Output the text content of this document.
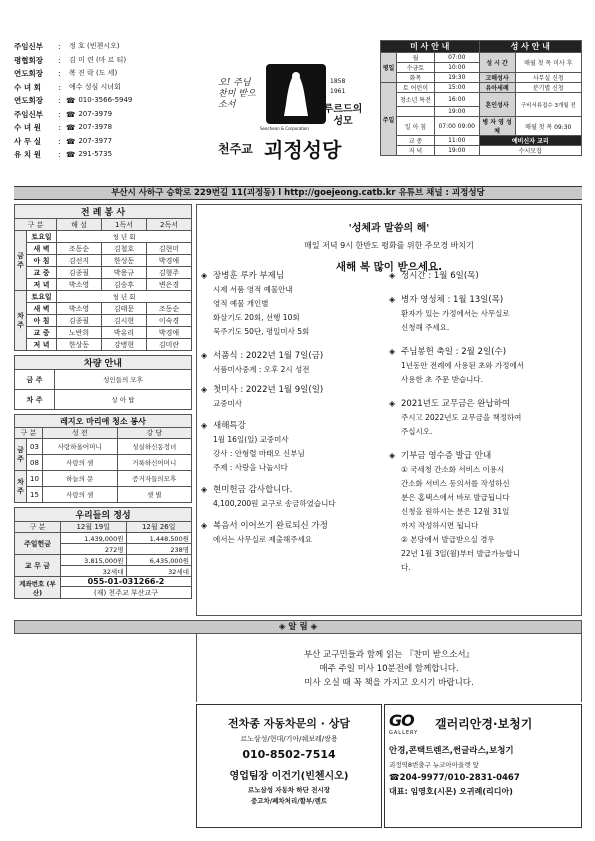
주임신부	:	정 호 (빈첸시오)
평협회장	:	김 미 련 (마 르 티)
연도회장	:	복 진 락 (도 세)
수 녀 회	:	예수 성심 시녀회
연도회장	: ☎ 010-3566-5949
주임신부	: ☎ 207-3979
수 녀 원	: ☎ 207-3978
사 무 실	: ☎ 207-3977
유 치 원	: ☎ 291-5735
오! 주님 찬미 받으소서
1858
1961
Seocheon & Corporation
루르드의 성모
천주교 괴정성당
미 사 안 내			성 사 안 내	
평일	월	07:00	성 시 간	매월 첫 목 미사 후
	수금토	10:00		
	화목	19:30	고해성사	사무실 신청
주일	토 어린이	15:00	유아세례	분기별 신청
	청소년 특전	16:00	혼인성사	구비서류접수 3개월 전
		19:00		
	일 아 침	07:00 09:00	병 자 영 성 체	매월 첫 목 09:30
	교 중	11:00	예비신자 교리	
	저 녁	19:00	수시모집	
부산시 사하구 승학로 229번길 11(괴정동) l http://goejeong.catb.kr 유튜브 채널 : 괴정성당
전 례 봉 사				
구 분		해 설	1독서	2독서
금 주	토요일	청 년 회		
	새 벽	조동순	김철호	김현미
	아 침	김선지	한성동	박경애
	교 중	김종필	박용규	김형주
	저 녁	박소영	김승후	변은경
차 주	토요일	청 년 회		
	새 벽	박소영	김태문	조동순
	아 침	김종필	김시현	이숙경
	교 중	노반희	박유리	박경애
	저 녁	한상동	강병현	김미란
차량 안내	
금 주	성인들의 모후
차 주	상 아 탑
레지오 마리애 청소 봉사			
구 분		성 전	강 당
금 주	03	사랑하올어머니	성실하신동정녀
	08	사랑의 샘	거룩하신어머니
차 주	10	하늘의 문	증거자들의모후
	15	사랑의 샘	샛 별
우리들의 정성		
구 분	12월 19일	12월 26일
주일헌금	1,439,000원	1,448,500원
	272명	238명
교 무 금	3,815,000원	6,435,000원
	32세대	32세대
계좌번호 (부산)	055-01-031266-2	
	(재) 천주교 부산교구	
'성체과 말씀의 해'
매일 저녁 9시 한반도 평화를 위한 주모경 바치기
새해 복 많이 받으세요.
◈ 장병훈 루카 부제님
시제 서품 영적 예물안내
영적 예물 개인별
화살기도 20회, 선행 10회
묵주기도 50단, 평일미사 5회
◈ 서품식 : 2022년 1월 7일(금)
서품미사중계 : 오후 2시 성전
◈ 첫미사 : 2022년 1월 9일(일)
교중미사
◈ 새해특강
1월 16일(일) 교중미사
강사 : 안형렬 마태오 신부님
주제 : 사랑을 나눕시다
◈ 현미헌금 감사합니다.
4,100,200원 교구로 송금하였습니다
◈ 복음서 이어쓰기 완료되신 가정
에서는 사무실로 제출해주세요
◈ 성시간 : 1월 6일(목)
◈ 병자 영성체 : 1월 13일(목)
환자가 있는 가정에서는 사무실로
신청해 주세요.
◈ 주님봉헌 축일 : 2월 2일(수)
1년동안 전례에 사용된 초와 가정에서
사용한 초 주문 받습니다.
◈ 2021년도 교무금은 완납하여
주시고 2022년도 교무금을 책정하여
주십시오.
◈ 기부금 영수증 발급 안내
① 국세청 간소화 서비스 이용시
간소화 서비스 동의서를 작성하신
분은 홈택스에서 바로 발급됩니다
신청을 원하시는 분은 12월 31일
까지 작성하시면 됩니다
② 본당에서 발급받으실 경우
22년 1월 3일(월)부터 발급가능합니
다.
◈ 알 림 ◈
부산 교구민들과 함께 읽는 『찬미 받으소서』
매주 주일 미사 10분전에 함께합니다.
미사 오실 때 꼭 책을 가지고 오시기 바랍니다.
전차종 자동차문의 · 상담
르노삼성/현대/기아/쉐보레/쌍용
010-8502-7514
영업팀장 이건기(빈첸시오)
르노삼성 자동차 하단 전시장
중고차/폐차처리/할부/렌트
GO
GALLERY
갤러리안경·보청기
안경,콘택트렌즈,썬글라스,보청기
괴정역8번출구 뉴코아아울렛 앞
☎204-9977/010-2831-0467
대표: 임영호(시몬) 오귀례(리디아)
